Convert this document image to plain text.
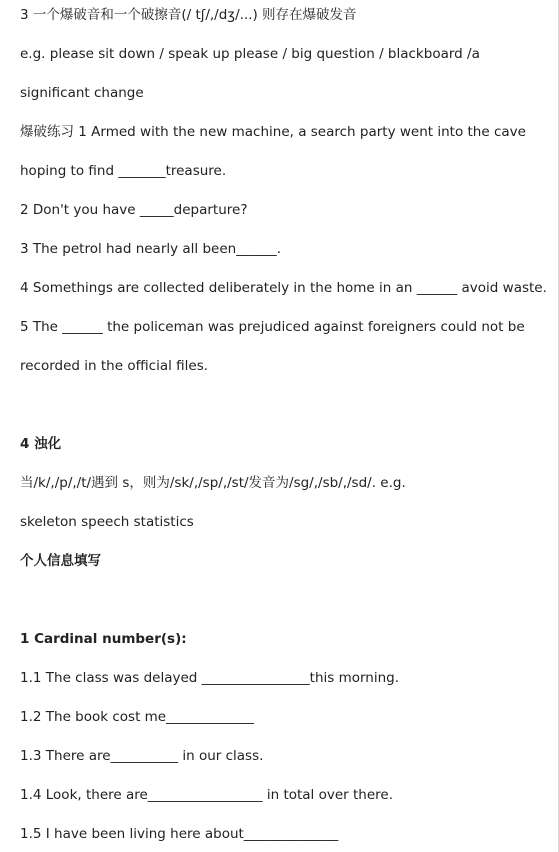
3 一个爆破音和一个破擦音(/ tʃ/,/dʒ/...) 则存在爆破发音
e.g. please sit down / speak up please / big question / blackboard /a
significant change
爆破练习 1 Armed with the new machine, a search party went into the cave
hoping to find _______treasure.
2 Don't you have _____departure?
3 The petrol had nearly all been______.
4 Somethings are collected deliberately in the home in an ______ avoid waste.
5 The ______ the policeman was prejudiced against foreigners could not be
recorded in the official files.
4 浊化
当/k/,/p/,/t/遇到 s，则为/sk/,/sp/,/st/发音为/sg/,/sb/,/sd/. e.g.
skeleton speech statistics
个人信息填写
1 Cardinal number(s):
1.1 The class was delayed ________________this morning.
1.2 The book cost me_____________
1.3 There are__________ in our class.
1.4 Look, there are_________________ in total over there.
1.5 I have been living here about______________
